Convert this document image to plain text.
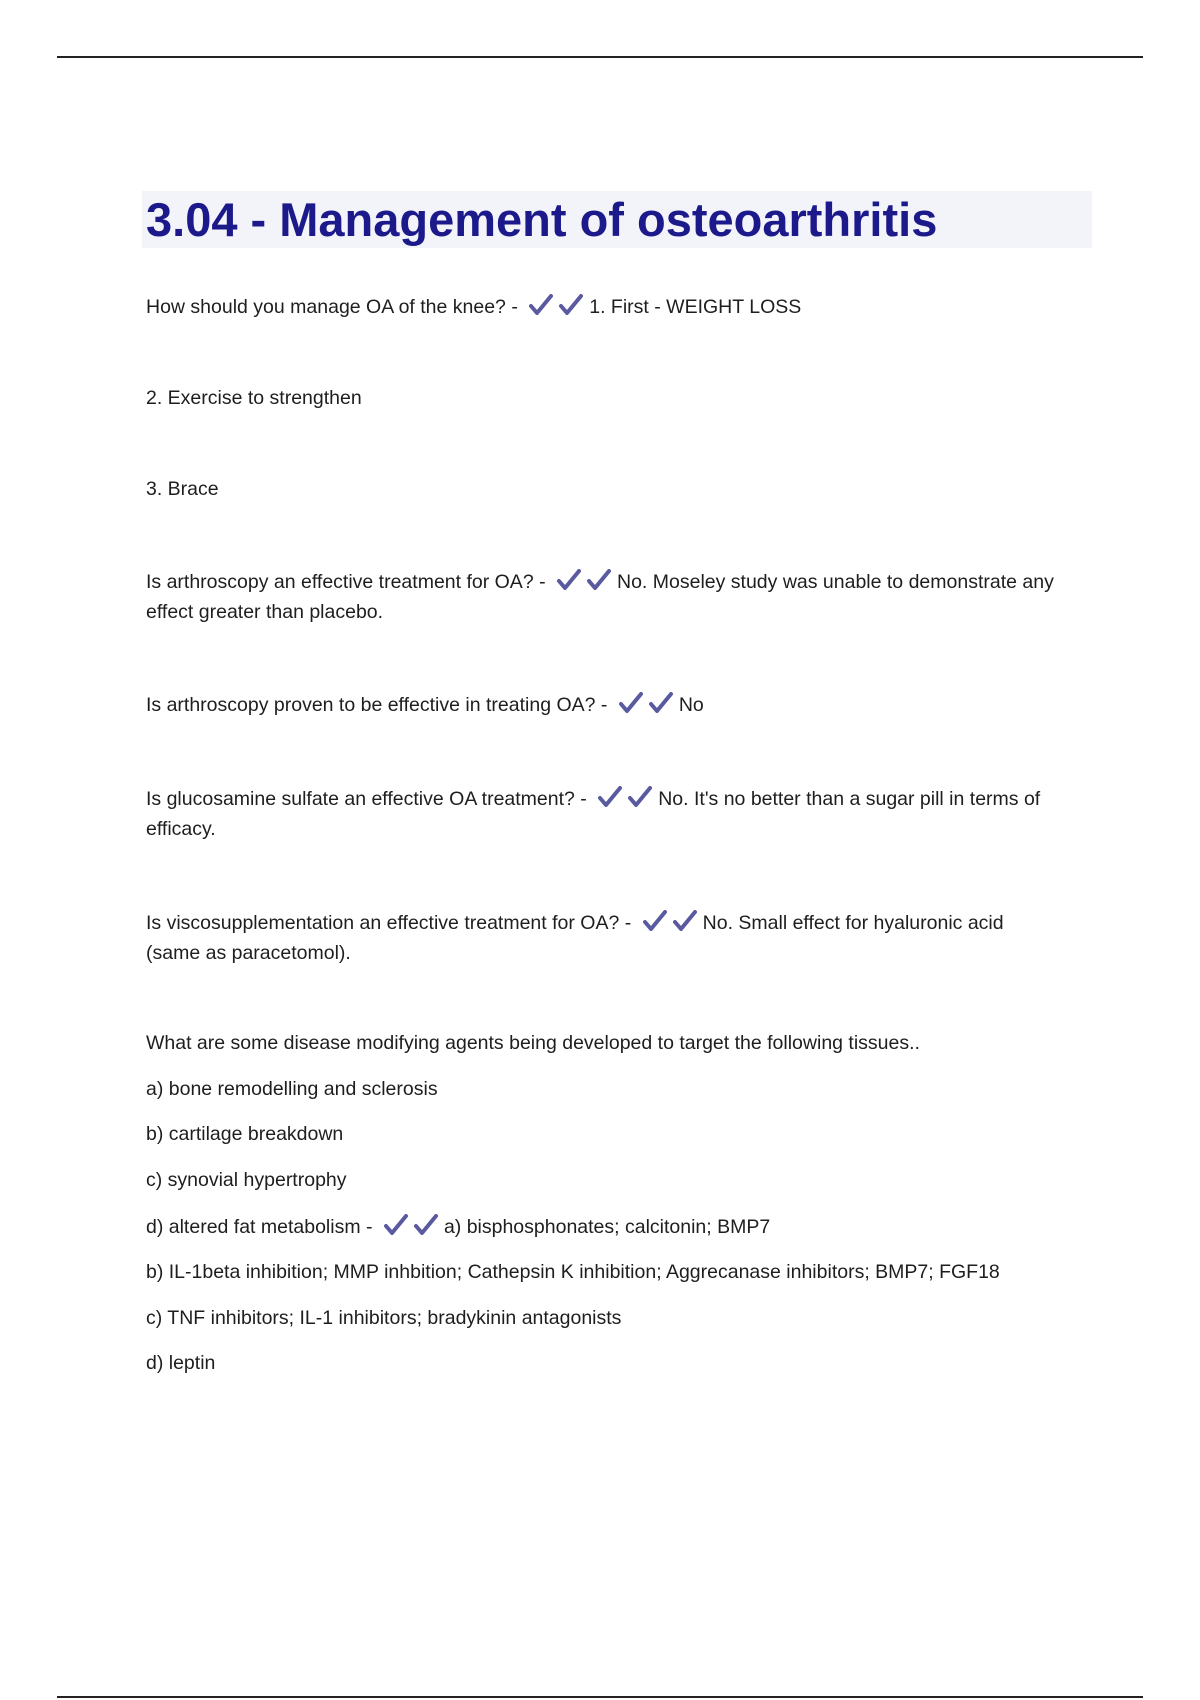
3.04 - Management of osteoarthritis
How should you manage OA of the knee? -	1. First - WEIGHT LOSS
2. Exercise to strengthen
3. Brace
Is arthroscopy an effective treatment for OA? -	No. Moseley study was unable to demonstrate any
effect greater than placebo.
Is arthroscopy proven to be effective in treating OA? -	No
Is glucosamine sulfate an effective OA treatment? -	No. It's no better than a sugar pill in terms of
efficacy.
Is viscosupplementation an effective treatment for OA? -	No. Small effect for hyaluronic acid
(same as paracetomol).
What are some disease modifying agents being developed to target the following tissues..
a) bone remodelling and sclerosis
b) cartilage breakdown
c) synovial hypertrophy
d) altered fat metabolism -	a) bisphosphonates; calcitonin; BMP7
b) IL-1beta inhibition; MMP inhbition; Cathepsin K inhibition; Aggrecanase inhibitors; BMP7; FGF18
c) TNF inhibitors; IL-1 inhibitors; bradykinin antagonists
d) leptin
